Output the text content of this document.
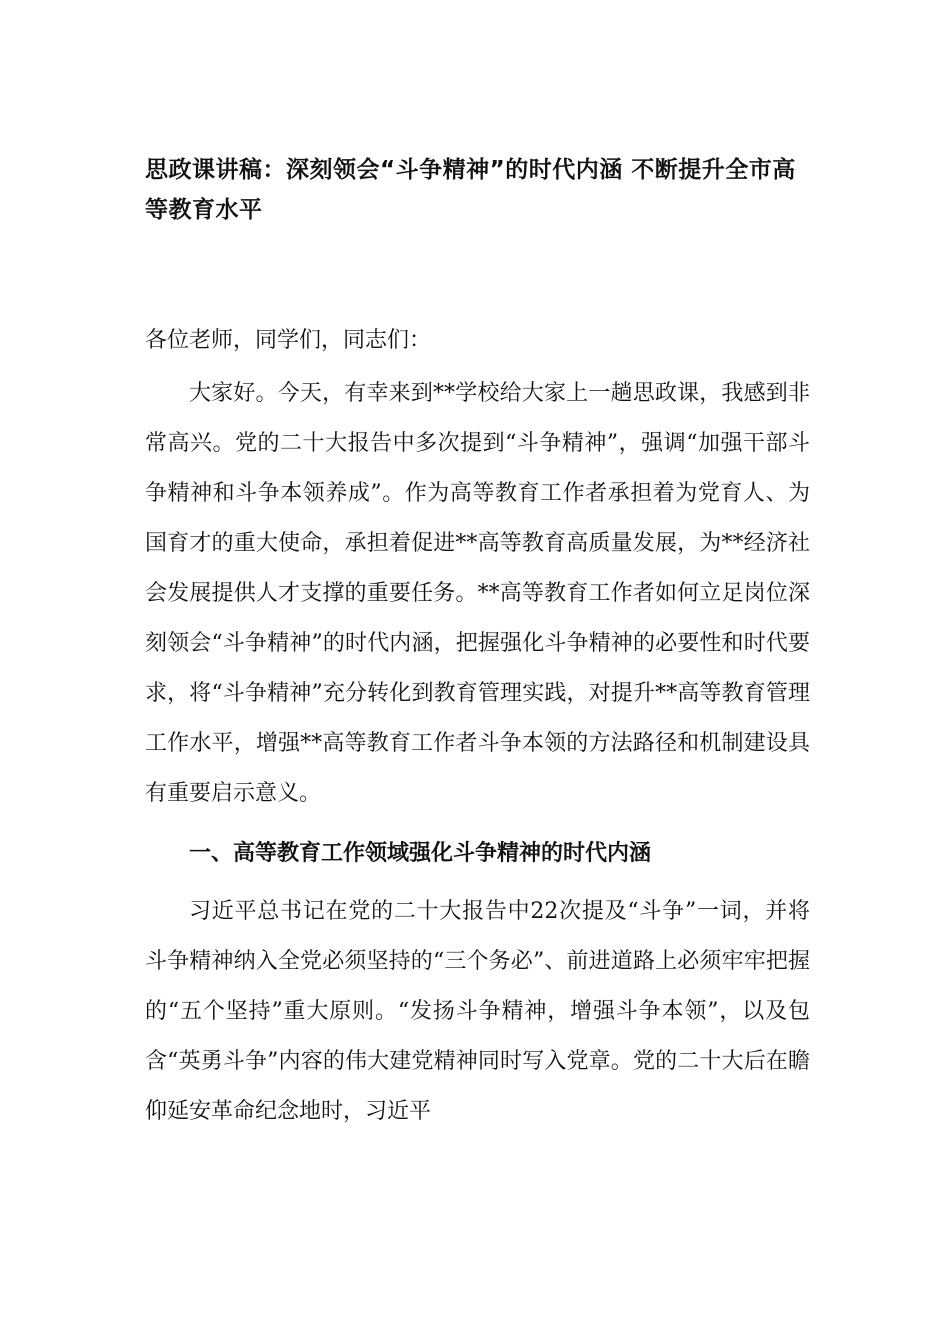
思政课讲稿：深刻领会“斗争精神”的时代内涵 不断提升全市高等教育水平

各位老师，同学们，同志们：

大家好。今天，有幸来到**学校给大家上一趟思政课，我感到非常高兴。党的二十大报告中多次提到“斗争精神”，强调“加强干部斗争精神和斗争本领养成”。作为高等教育工作者承担着为党育人、为国育才的重大使命，承担着促进**高等教育高质量发展，为**经济社会发展提供人才支撑的重要任务。**高等教育工作者如何立足岗位深刻领会“斗争精神”的时代内涵，把握强化斗争精神的必要性和时代要求，将“斗争精神”充分转化到教育管理实践，对提升**高等教育管理工作水平，增强**高等教育工作者斗争本领的方法路径和机制建设具有重要启示意义。

一、高等教育工作领域强化斗争精神的时代内涵

习近平总书记在党的二十大报告中22次提及“斗争”一词，并将斗争精神纳入全党必须坚持的“三个务必”、前进道路上必须牢牢把握的“五个坚持”重大原则。“发扬斗争精神，增强斗争本领”，以及包含“英勇斗争”内容的伟大建党精神同时写入党章。党的二十大后在瞻仰延安革命纪念地时，习近平
